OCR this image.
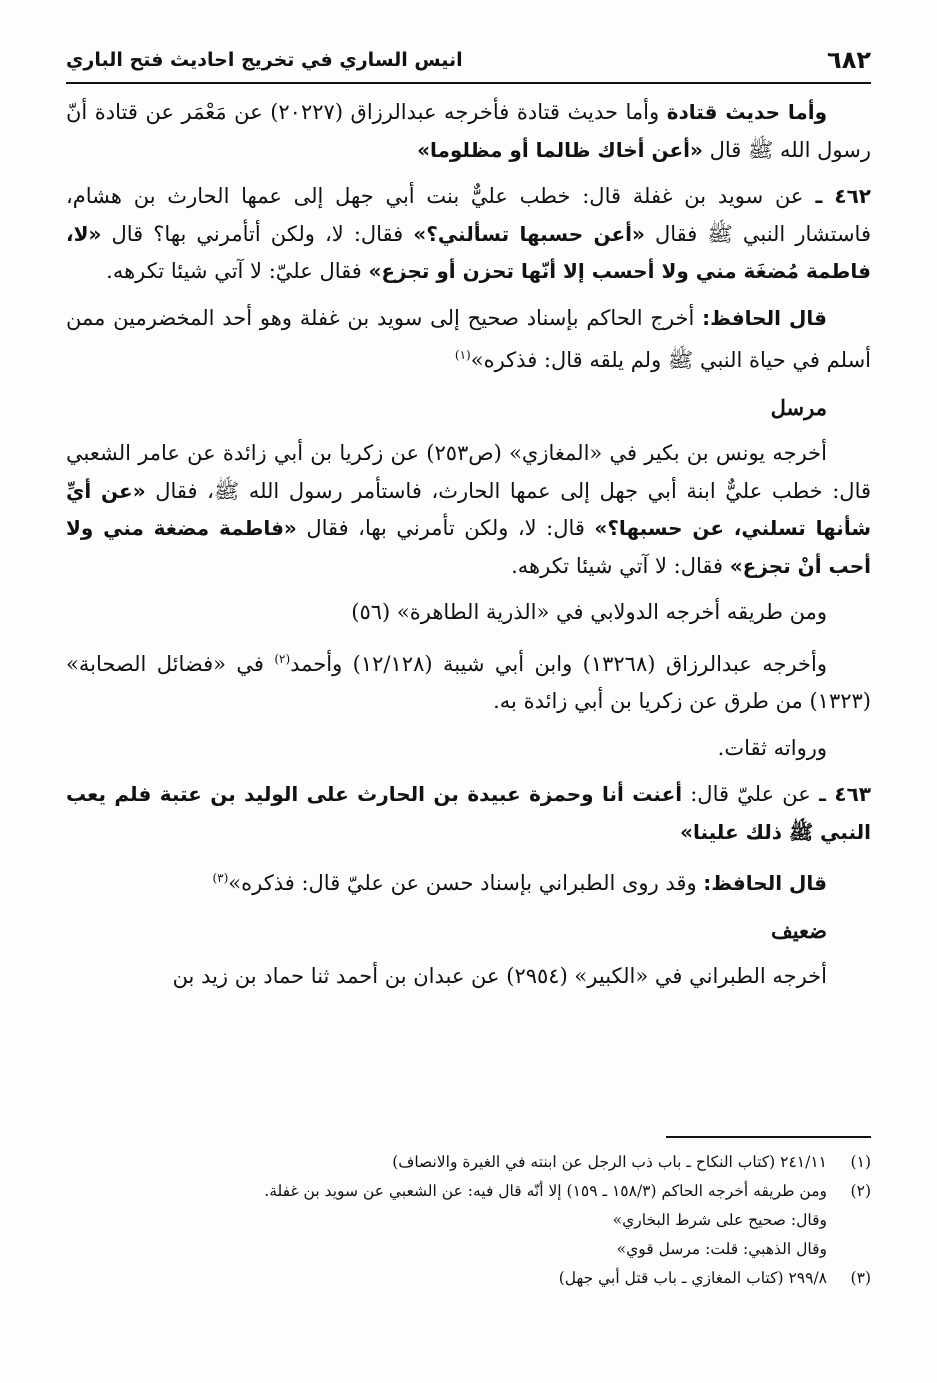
٦٨٢
انيس الساري في تخريج احاديث فتح الباري

وأما حديث قتادة وأما حديث قتادة فأخرجه عبدالرزاق (٢٠٢٢٧) عن مَعْمَر عن قتادة أنّ رسول الله ﷺ قال «أعن أخاك ظالما أو مظلوما»

٤٦٢ ـ عن سويد بن غفلة قال: خطب عليٌّ بنت أبي جهل إلى عمها الحارث بن هشام، فاستشار النبي ﷺ فقال «أعن حسبها تسألني؟» فقال: لا، ولكن أتأمرني بها؟ قال «لا، فاطمة مُضغَة مني ولا أحسب إلا أنّها تحزن أو تجزع» فقال عليّ: لا آتي شيئا تكرهه.

قال الحافظ: أخرج الحاكم بإسناد صحيح إلى سويد بن غفلة وهو أحد المخضرمين ممن أسلم في حياة النبي ﷺ ولم يلقه قال: فذكره»$^{(١)}$

مرسل

أخرجه يونس بن بكير في «المغازي» (ص٢٥٣) عن زكريا بن أبي زائدة عن عامر الشعبي قال: خطب عليٌّ ابنة أبي جهل إلى عمها الحارث، فاستأمر رسول الله ﷺ، فقال «عن أيِّ شأنها تسلني، عن حسبها؟» قال: لا، ولكن تأمرني بها، فقال «فاطمة مضغة مني ولا أحب أنْ تجزع» فقال: لا آتي شيئا تكرهه.

ومن طريقه أخرجه الدولابي في «الذرية الطاهرة» (٥٦)

وأخرجه عبدالرزاق (١٣٢٦٨) وابن أبي شيبة (١٢/١٢٨) وأحمد$^{(٢)}$ في «فضائل الصحابة» (١٣٢٣) من طرق عن زكريا بن أبي زائدة به.

ورواته ثقات.

٤٦٣ ـ عن عليّ قال: أعنت أنا وحمزة عبيدة بن الحارث على الوليد بن عتبة فلم يعب النبي ﷺ ذلك علينا»

قال الحافظ: وقد روى الطبراني بإسناد حسن عن عليّ قال: فذكره»$^{(٣)}$

ضعيف

أخرجه الطبراني في «الكبير» (٢٩٥٤) عن عبدان بن أحمد ثنا حماد بن زيد بن

(١)٢٤١/١١ (كتاب النكاح ـ باب ذب الرجل عن ابنته في الغيرة والانصاف)
(٢)ومن طريقه أخرجه الحاكم (١٥٨/٣ ـ ١٥٩) إلا أنّه قال فيه: عن الشعبي عن سويد بن غفلة.
وقال: صحيح على شرط البخاري»
وقال الذهبي: قلت: مرسل قوي»
(٣)٢٩٩/٨ (كتاب المغازي ـ باب قتل أبي جهل)
